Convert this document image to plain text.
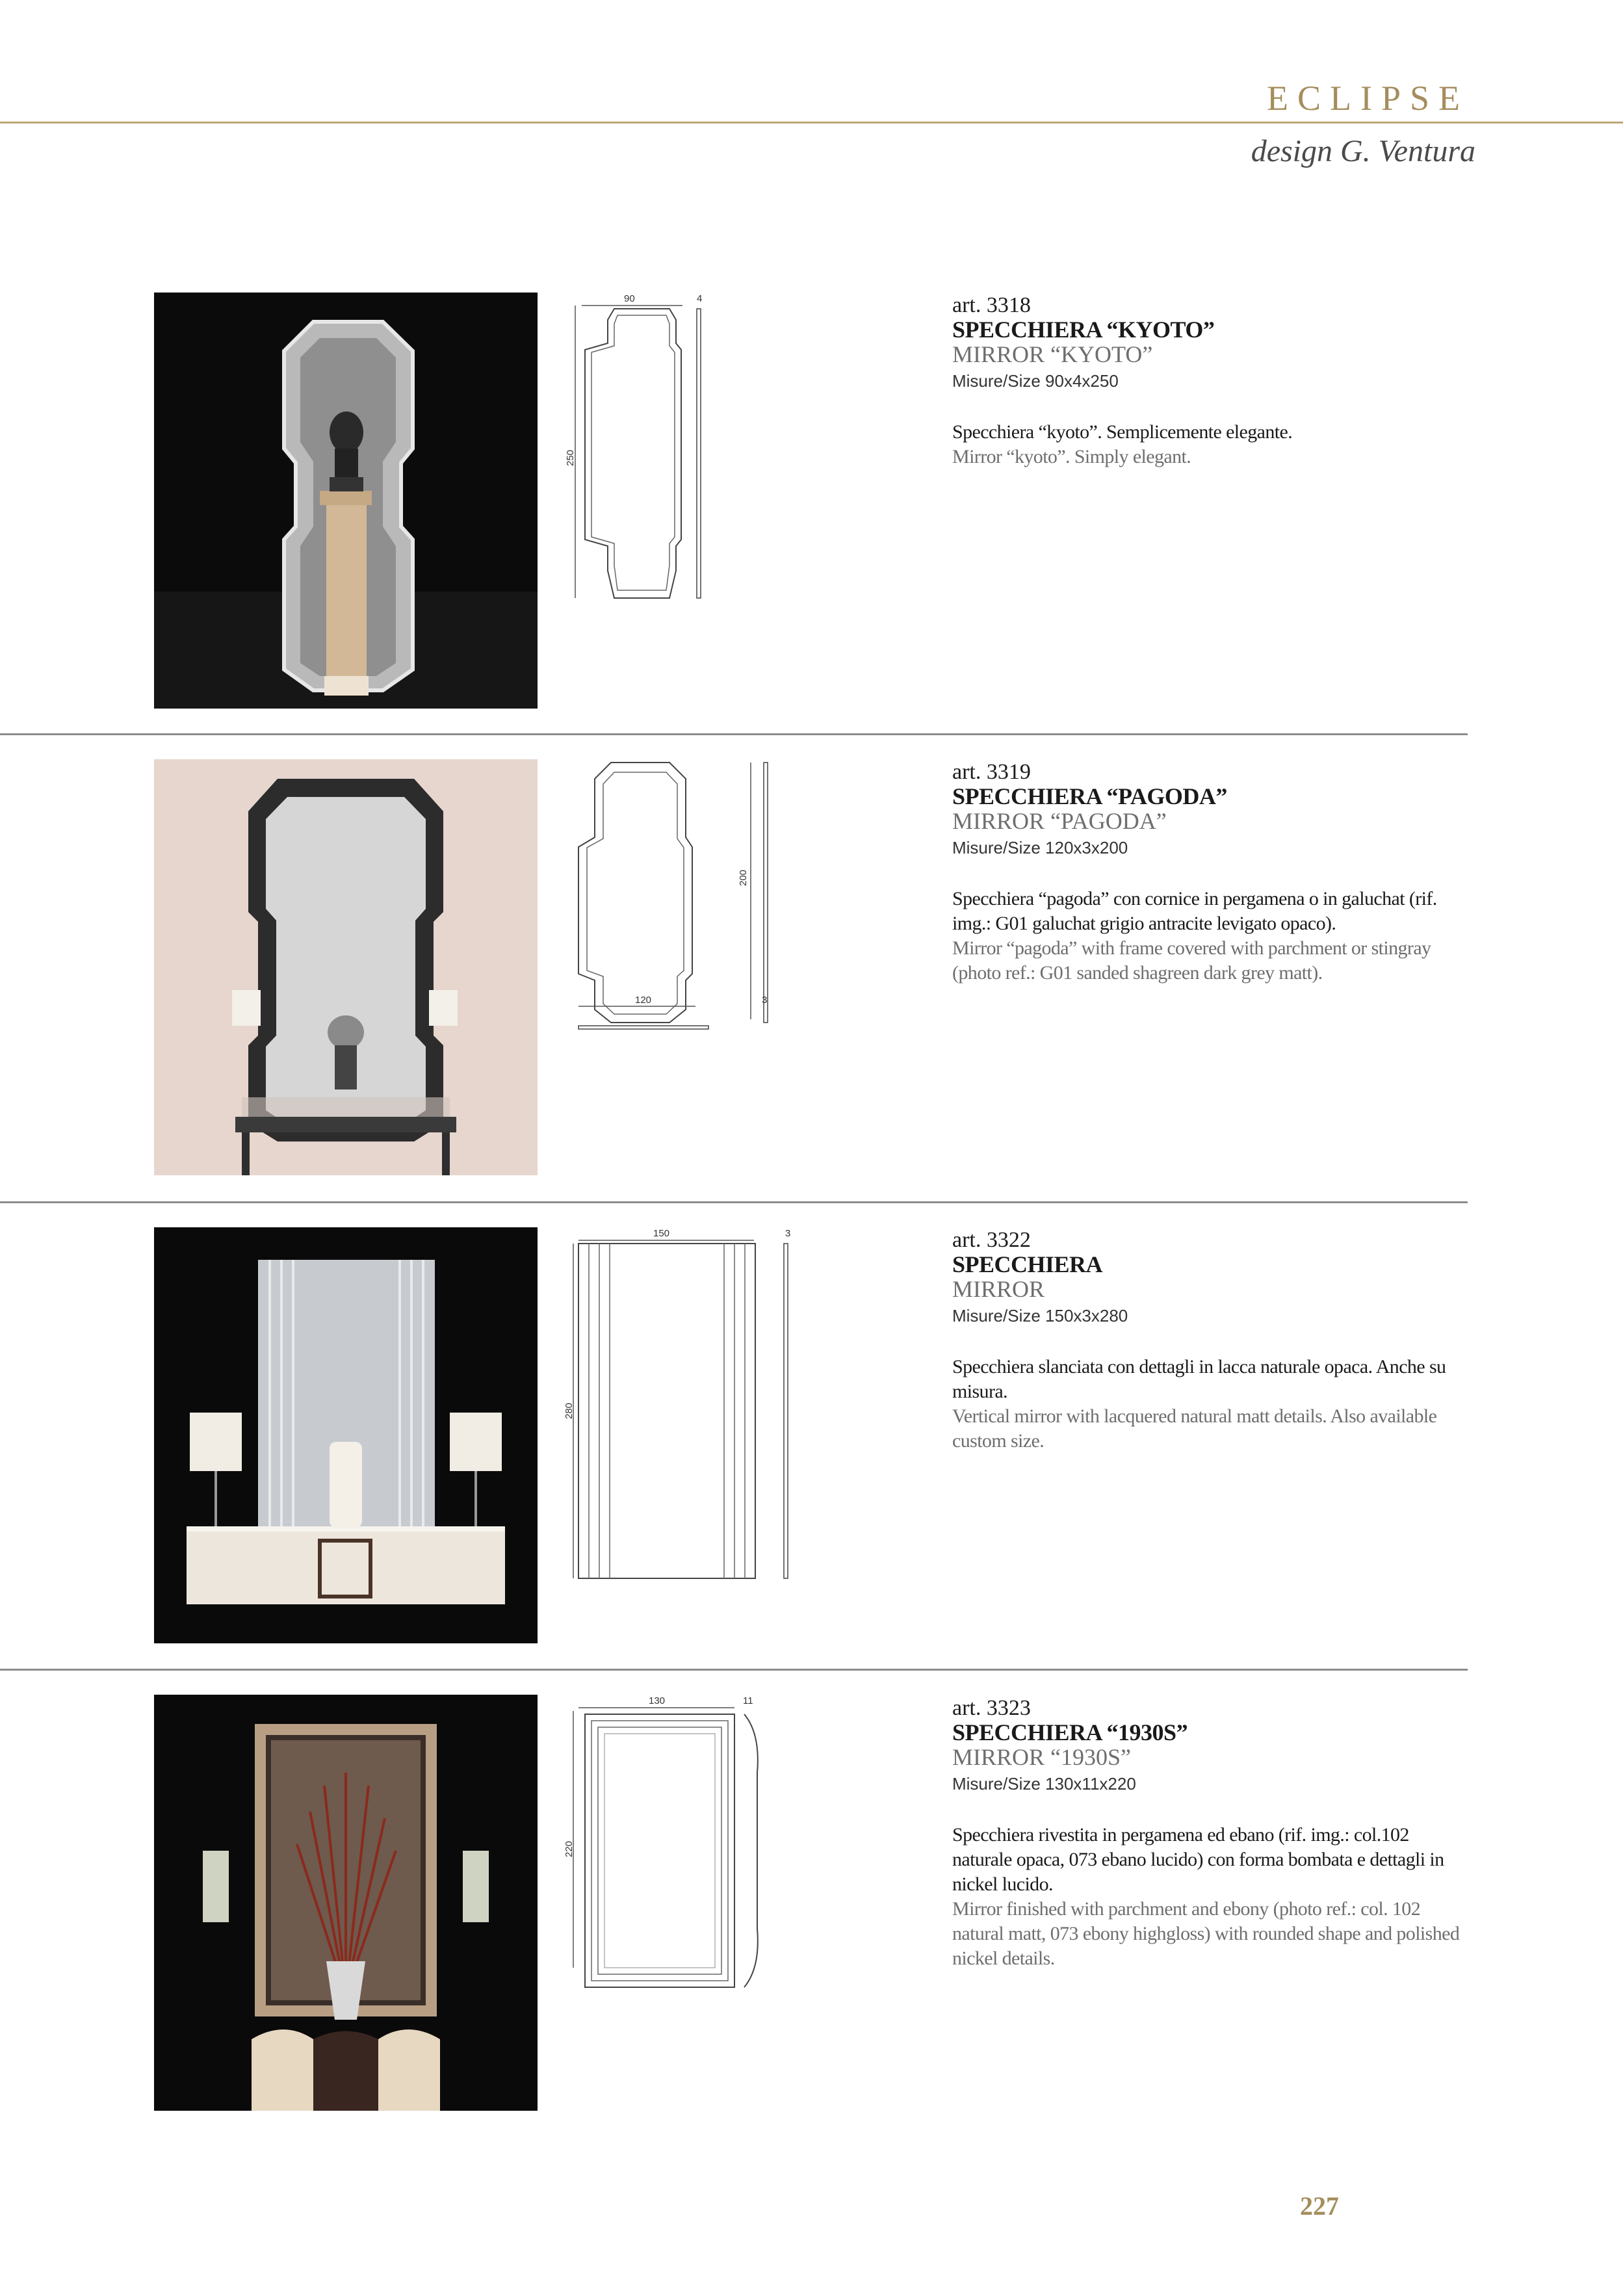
ECLIPSE
design G. Ventura
90	4
250
art. 3318
SPECCHIERA “KYOTO”
MIRROR “KYOTO”
Misure/Size 90x4x250
Specchiera “kyoto”. Semplicemente elegante.
Mirror “kyoto”. Simply elegant.
200
120	3
art. 3319
SPECCHIERA “PAGODA”
MIRROR “PAGODA”
Misure/Size 120x3x200
Specchiera “pagoda” con cornice in pergamena o in galuchat (rif. img.: G01 galuchat grigio antracite levigato opaco).
Mirror “pagoda” with frame covered with parchment or stingray (photo ref.: G01 sanded shagreen dark grey matt).
150	3
280
art. 3322
SPECCHIERA
MIRROR
Misure/Size 150x3x280
Specchiera slanciata con dettagli in lacca naturale opaca. Anche su misura.
Vertical mirror with lacquered natural matt details. Also available custom size.
130	11
220
art. 3323
SPECCHIERA “1930S”
MIRROR “1930S”
Misure/Size 130x11x220
Specchiera rivestita in pergamena ed ebano (rif. img.: col.102 naturale opaca, 073 ebano lucido) con forma bombata e dettagli in nickel lucido.
Mirror finished with parchment and ebony (photo ref.: col. 102 natural matt, 073 ebony highgloss) with rounded shape and polished nickel details.
227
